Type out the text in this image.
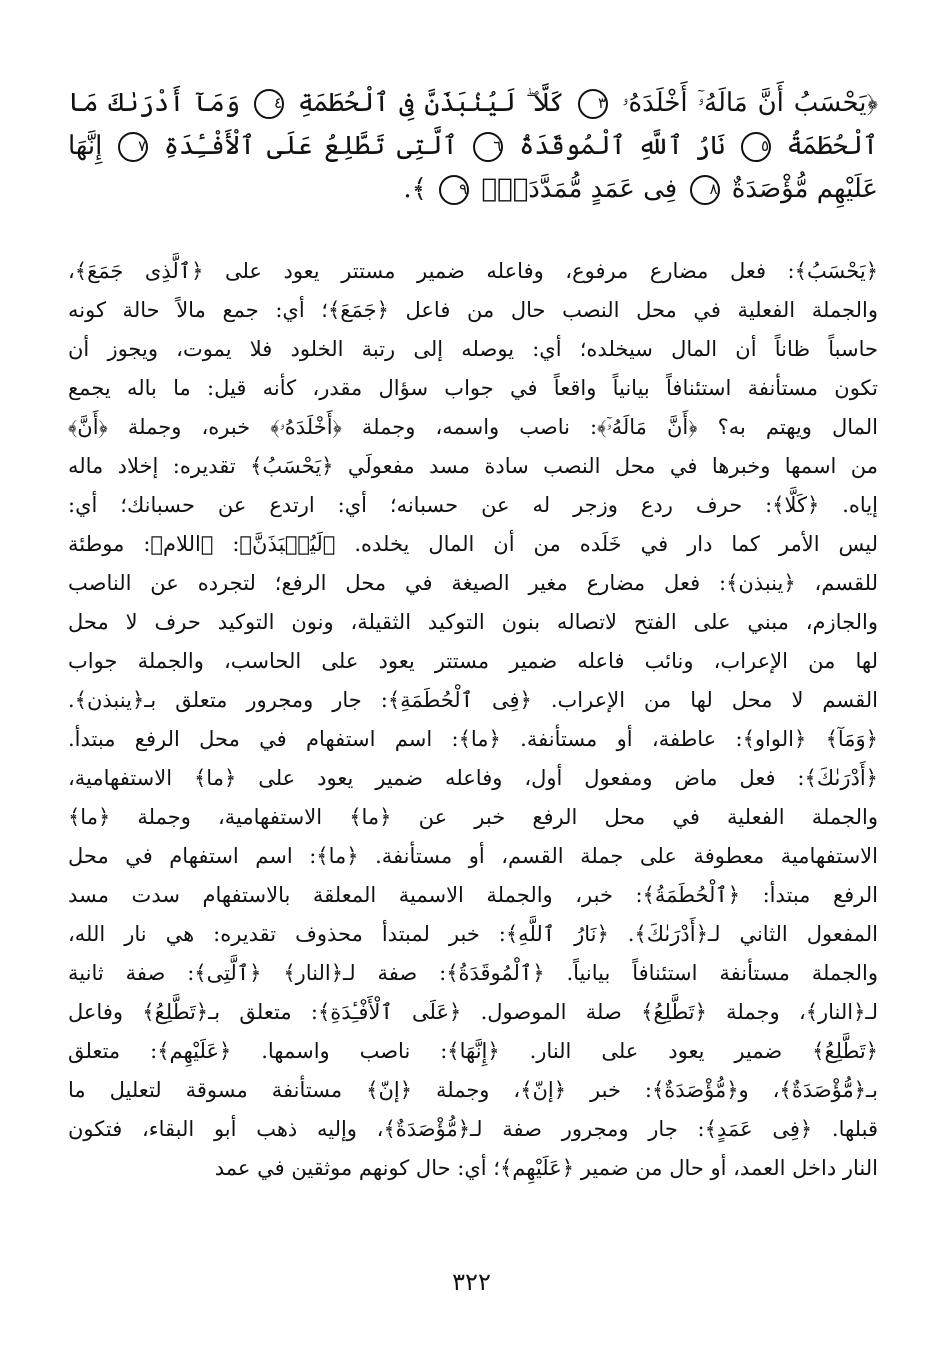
﴿يَحْسَبُ أَنَّ مَالَهُۥٓ أَخْلَدَهُۥ ٣ كَلَّا ۖ لَيُنۢبَذَنَّ فِى ٱلْحُطَمَةِ ٤ وَمَآ أَدْرَىٰكَ مَا ٱلْحُطَمَةُ ٥ نَارُ ٱللَّهِ ٱلْمُوقَدَةُ ٦ ٱلَّتِى تَطَّلِعُ عَلَى ٱلْأَفْـِٔدَةِ ٧ إِنَّهَا عَلَيْهِم مُّؤْصَدَةٌ ٨ فِى عَمَدٍ مُّمَدَّدَةٍۭ ٩ ﴾.
﴿يَحْسَبُ﴾: فعل مضارع مرفوع، وفاعله ضمير مستتر يعود على ﴿ٱلَّذِى جَمَعَ﴾،
والجملة الفعلية في محل النصب حال من فاعل ﴿جَمَعَ﴾؛ أي: جمع مالاً حالة كونه
حاسباً ظاناً أن المال سيخلده؛ أي: يوصله إلى رتبة الخلود فلا يموت، ويجوز أن
تكون مستأنفة استئنافاً بيانياً واقعاً في جواب سؤال مقدر، كأنه قيل: ما باله يجمع
المال ويهتم به؟ ﴿أَنَّ مَالَهُۥٓ﴾: ناصب واسمه، وجملة ﴿أَخْلَدَهُۥ﴾ خبره، وجملة ﴿أَنَّ﴾
من اسمها وخبرها في محل النصب سادة مسد مفعولَي ﴿يَحْسَبُ﴾ تقديره: إخلاد ماله
إياه. ﴿كَلَّا﴾: حرف ردع وزجر له عن حسبانه؛ أي: ارتدع عن حسبانك؛ أي:
ليس الأمر كما دار في خَلَده من أن المال يخلده. ﴿لَيُنۢبَذَنَّ﴾: ﴿اللام﴾: موطئة
للقسم، ﴿ينبذن﴾: فعل مضارع مغير الصيغة في محل الرفع؛ لتجرده عن الناصب
والجازم، مبني على الفتح لاتصاله بنون التوكيد الثقيلة، ونون التوكيد حرف لا محل
لها من الإعراب، ونائب فاعله ضمير مستتر يعود على الحاسب، والجملة جواب
القسم لا محل لها من الإعراب. ﴿فِى ٱلْحُطَمَةِ﴾: جار ومجرور متعلق بـ﴿ينبذن﴾.
﴿وَمَآ﴾ ﴿الواو﴾: عاطفة، أو مستأنفة. ﴿ما﴾: اسم استفهام في محل الرفع مبتدأ.
﴿أَدْرَىٰكَ﴾: فعل ماض ومفعول أول، وفاعله ضمير يعود على ﴿ما﴾ الاستفهامية،
والجملة الفعلية في محل الرفع خبر عن ﴿ما﴾ الاستفهامية، وجملة ﴿ما﴾
الاستفهامية معطوفة على جملة القسم، أو مستأنفة. ﴿ما﴾: اسم استفهام في محل
الرفع مبتدأ: ﴿ٱلْحُطَمَةُ﴾: خبر، والجملة الاسمية المعلقة بالاستفهام سدت مسد
المفعول الثاني لـ﴿أَدْرَىٰكَ﴾. ﴿نَارُ ٱللَّهِ﴾: خبر لمبتدأ محذوف تقديره: هي نار الله،
والجملة مستأنفة استئنافاً بيانياً. ﴿ٱلْمُوقَدَةُ﴾: صفة لـ﴿النار﴾ ﴿ٱلَّتِى﴾: صفة ثانية
لـ﴿النار﴾، وجملة ﴿تَطَّلِعُ﴾ صلة الموصول. ﴿عَلَى ٱلْأَفْـِٔدَةِ﴾: متعلق بـ﴿تَطَّلِعُ﴾ وفاعل
﴿تَطَّلِعُ﴾ ضمير يعود على النار. ﴿إِنَّهَا﴾: ناصب واسمها. ﴿عَلَيْهِم﴾: متعلق
بـ﴿مُّؤْصَدَةٌ﴾، و﴿مُّؤْصَدَةٌ﴾: خبر ﴿إنّ﴾، وجملة ﴿إنّ﴾ مستأنفة مسوقة لتعليل ما
قبلها. ﴿فِى عَمَدٍ﴾: جار ومجرور صفة لـ﴿مُّؤْصَدَةٌ﴾، وإليه ذهب أبو البقاء، فتكون
النار داخل العمد، أو حال من ضمير ﴿عَلَيْهِم﴾؛ أي: حال كونهم موثقين في عمد
٣٢٢
